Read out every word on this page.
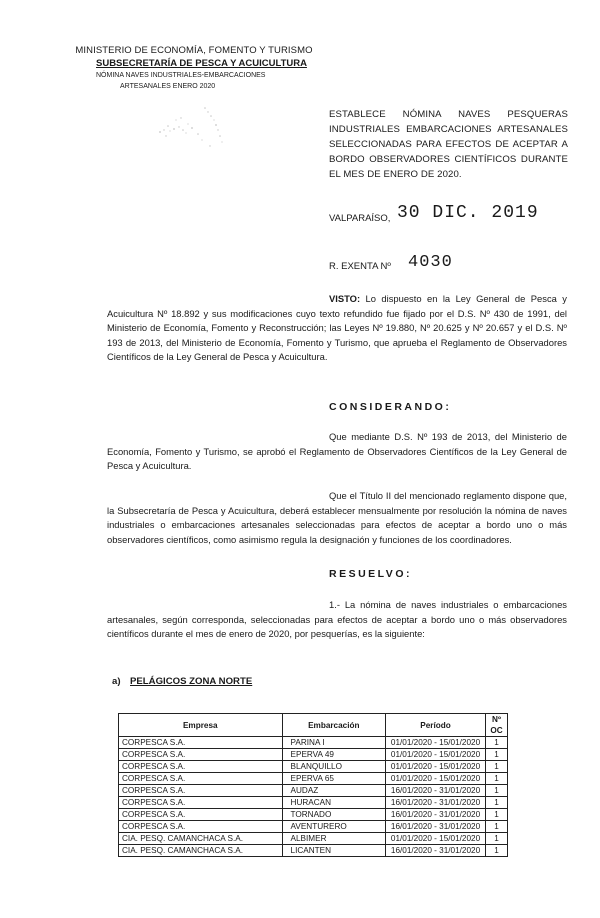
MINISTERIO DE ECONOMÍA, FOMENTO Y TURISMO
SUBSECRETARÍA DE PESCA Y ACUICULTURA
NÓMINA NAVES INDUSTRIALES-EMBARCACIONES
ARTESANALES ENERO 2020
ESTABLECE NÓMINA NAVES PESQUERAS INDUSTRIALES EMBARCACIONES ARTESANALES SELECCIONADAS PARA EFECTOS DE ACEPTAR A BORDO OBSERVADORES CIENTÍFICOS DURANTE EL MES DE ENERO DE 2020.
VALPARAÍSO, 30 DIC. 2019
R. EXENTA Nº 4030
VISTO: Lo dispuesto en la Ley General de Pesca y Acuicultura Nº 18.892 y sus modificaciones cuyo texto refundido fue fijado por el D.S. Nº 430 de 1991, del Ministerio de Economía, Fomento y Reconstrucción; las Leyes Nº 19.880, Nº 20.625 y Nº 20.657 y el D.S. Nº 193 de 2013, del Ministerio de Economía, Fomento y Turismo, que aprueba el Reglamento de Observadores Científicos de la Ley General de Pesca y Acuicultura.
CONSIDERANDO:
Que mediante D.S. Nº 193 de 2013, del Ministerio de Economía, Fomento y Turismo, se aprobó el Reglamento de Observadores Científicos de la Ley General de Pesca y Acuicultura.
Que el Título II del mencionado reglamento dispone que, la Subsecretaría de Pesca y Acuicultura, deberá establecer mensualmente por resolución la nómina de naves industriales o embarcaciones artesanales seleccionadas para efectos de aceptar a bordo uno o más observadores científicos, como asimismo regula la designación y funciones de los coordinadores.
RESUELVO:
1.- La nómina de naves industriales o embarcaciones artesanales, según corresponda, seleccionadas para efectos de aceptar a bordo uno o más observadores científicos durante el mes de enero de 2020, por pesquerías, es la siguiente:
a) PELÁGICOS ZONA NORTE
Empresa	Embarcación	Período	Nº OC
CORPESCA S.A.	PARINA I	01/01/2020 - 15/01/2020	1
CORPESCA S.A.	EPERVA 49	01/01/2020 - 15/01/2020	1
CORPESCA S.A.	BLANQUILLO	01/01/2020 - 15/01/2020	1
CORPESCA S.A.	EPERVA 65	01/01/2020 - 15/01/2020	1
CORPESCA S.A.	AUDAZ	16/01/2020 - 31/01/2020	1
CORPESCA S.A.	HURACAN	16/01/2020 - 31/01/2020	1
CORPESCA S.A.	TORNADO	16/01/2020 - 31/01/2020	1
CORPESCA S.A.	AVENTURERO	16/01/2020 - 31/01/2020	1
CIA. PESQ. CAMANCHACA S.A.	ALBIMER	01/01/2020 - 15/01/2020	1
CIA. PESQ. CAMANCHACA S.A.	LICANTEN	16/01/2020 - 31/01/2020	1
